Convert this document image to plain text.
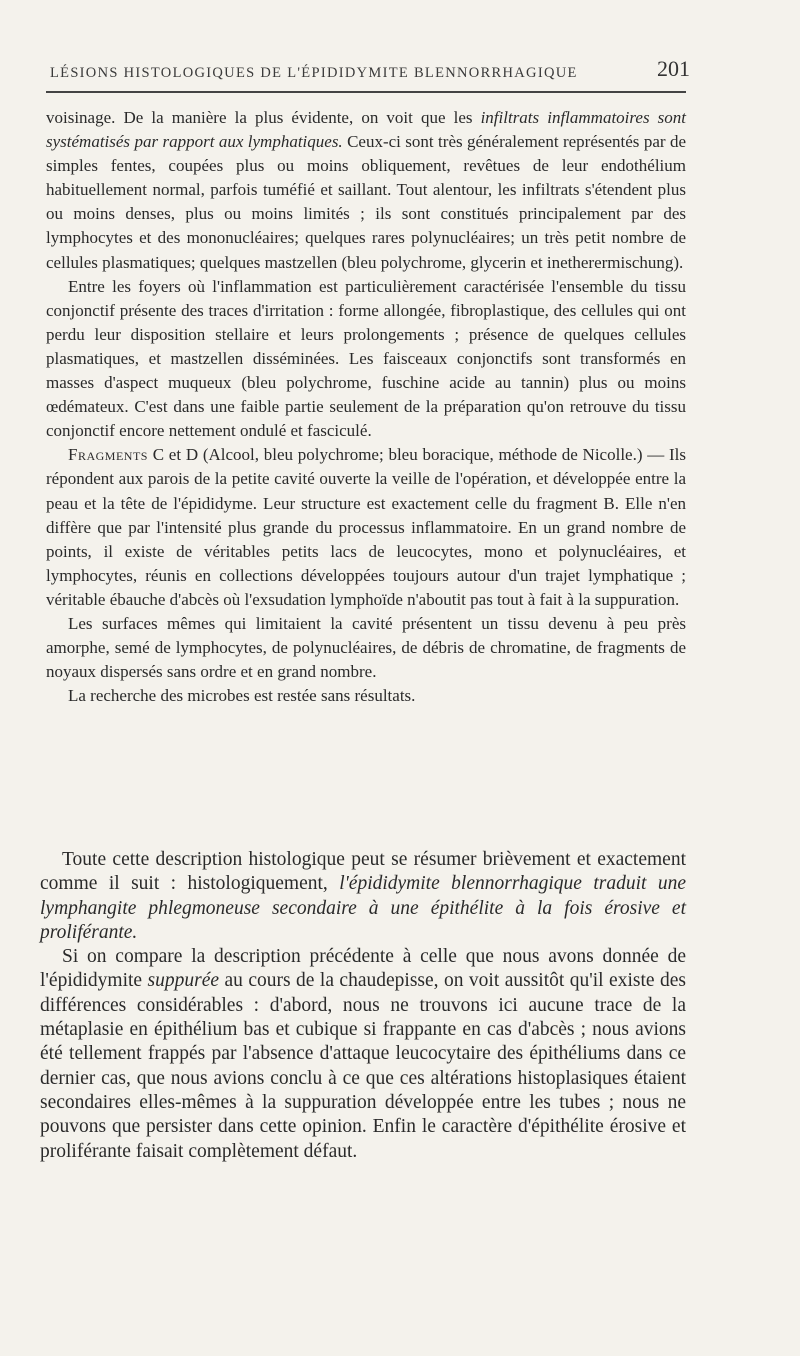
LÉSIONS HISTOLOGIQUES DE L'ÉPIDIDYMITE BLENNORRHAGIQUE	201

voisinage. De la manière la plus évidente, on voit que les infiltrats inflammatoires sont systématisés par rapport aux lymphatiques. Ceux-ci sont très généralement représentés par de simples fentes, coupées plus ou moins obliquement, revêtues de leur endothélium habituellement normal, parfois tuméfié et saillant. Tout alentour, les infiltrats s'étendent plus ou moins denses, plus ou moins limités ; ils sont constitués principalement par des lymphocytes et des mononucléaires; quelques rares polynucléaires; un très petit nombre de cellules plasmatiques; quelques mastzellen (bleu polychrome, glycerin et inetherermischung).

Entre les foyers où l'inflammation est particulièrement caractérisée l'ensemble du tissu conjonctif présente des traces d'irritation : forme allongée, fibroplastique, des cellules qui ont perdu leur disposition stellaire et leurs prolongements ; présence de quelques cellules plasmatiques, et mastzellen disséminées. Les faisceaux conjonctifs sont transformés en masses d'aspect muqueux (bleu polychrome, fuschine acide au tannin) plus ou moins œdémateux. C'est dans une faible partie seulement de la préparation qu'on retrouve du tissu conjonctif encore nettement ondulé et fasciculé.

Fragments C et D (Alcool, bleu polychrome; bleu boracique, méthode de Nicolle.) — Ils répondent aux parois de la petite cavité ouverte la veille de l'opération, et développée entre la peau et la tête de l'épididyme. Leur structure est exactement celle du fragment B. Elle n'en diffère que par l'intensité plus grande du processus inflammatoire. En un grand nombre de points, il existe de véritables petits lacs de leucocytes, mono et polynucléaires, et lymphocytes, réunis en collections développées toujours autour d'un trajet lymphatique ; véritable ébauche d'abcès où l'exsudation lymphoïde n'aboutit pas tout à fait à la suppuration.

Les surfaces mêmes qui limitaient la cavité présentent un tissu devenu à peu près amorphe, semé de lymphocytes, de polynucléaires, de débris de chromatine, de fragments de noyaux dispersés sans ordre et en grand nombre.

La recherche des microbes est restée sans résultats.

Toute cette description histologique peut se résumer brièvement et exactement comme il suit : histologiquement, l'épididymite blennorrhagique traduit une lymphangite phlegmoneuse secondaire à une épithélite à la fois érosive et proliférante.

Si on compare la description précédente à celle que nous avons donnée de l'épididymite suppurée au cours de la chaudepisse, on voit aussitôt qu'il existe des différences considérables : d'abord, nous ne trouvons ici aucune trace de la métaplasie en épithélium bas et cubique si frappante en cas d'abcès ; nous avions été tellement frappés par l'absence d'attaque leucocytaire des épithéliums dans ce dernier cas, que nous avions conclu à ce que ces altérations histoplasiques étaient secondaires elles-mêmes à la suppuration développée entre les tubes ; nous ne pouvons que persister dans cette opinion. Enfin le caractère d'épithélite érosive et proliférante faisait complètement défaut.
